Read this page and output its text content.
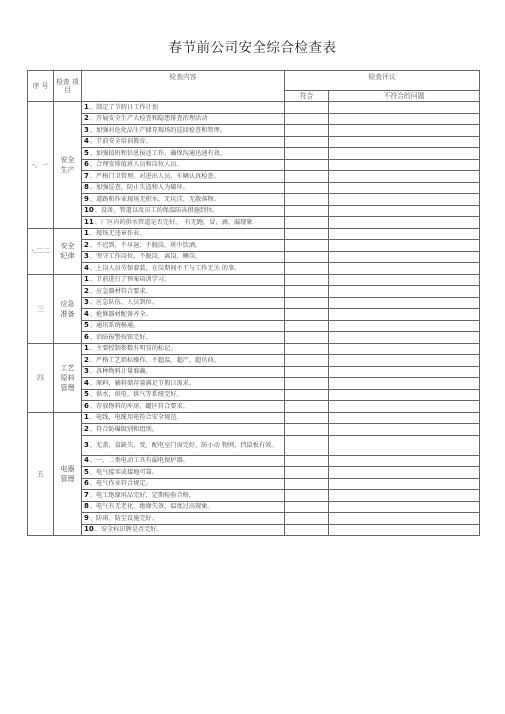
春节前公司安全综合检查表
序 号	检查 项目	检查内容	检查评议	
			符合	不符合的问题
-、一	安全 生产	1、制定了节假日工作计划		
		2、开展安全生产大检查和隐患排查治理活动		
		3、加强对危化品生产储存现场的巡回检查和管理。		
		4、节前安全培训教育。		
		5、加强值班和信息报送工作，确保沟通迅速有效。		
		6、合理安排值班人员和岗位人员。		
		7、严格门卫管理，对进出人员、车辆认真检查。		
		8、加强巡查，防止失盗和人为破坏。		
		9、道路和作业现场无积水、无坑洼、无散落物。		
		10、设备、管道以及员工的保温防冻措施到位。		
		11、厂区内的供水管道是否完好，　有无跑、冒、滴、漏现象		
-.二二	安全 纪律	1、现场无违章作业。		
		2、不迟到、不早退、不脱岗、班中饮酒。		
		3、坚守工作岗位，不脱岗，离岗、睡岗。		
		4、上岗人员劳保着装，在岗期间不干与工作无关 的事。		
三	应急 准备	1、节前进行了预案培训学习。		
		2、应急器材符合要求。		
		3、应急队伍、人员到位。		
		4、抢修器材配备齐全。		
		5、通讯系统畅通。		
		6、消防报警按钮完好。		
四	工艺 原料 管理	1、主要控制参数有明显的标记。		
		2、严格工艺指标操作，不超温，超产，超负荷。		
		3、各种物料计量准确。		
		4、原料，辅料储存量满足节假日需求。		
		5、供水，供电，供气等系统完好。		
		6、存放物料的库房，罐区符合要求。		
五	电器 管理	1、电线，电缆用电符合安全规范。		
		2、符合防爆级别和组别。		
		3、无盖，盒缺失，变，配电室门窗完好，防小动 物网，挡鼠板有效。		
		4、一、二类电动工具有漏电保护器。		
		5、电气接零或接地可靠。		
		6、电气作业符合规定。		
		7、电工绝缘用品完好，定期检验合格。		
		8、电气有无老化、绝缘失效，温度过高现象。		
		9、防雨、防尘设施完好。		
		10、安全标识牌是否完好。		
